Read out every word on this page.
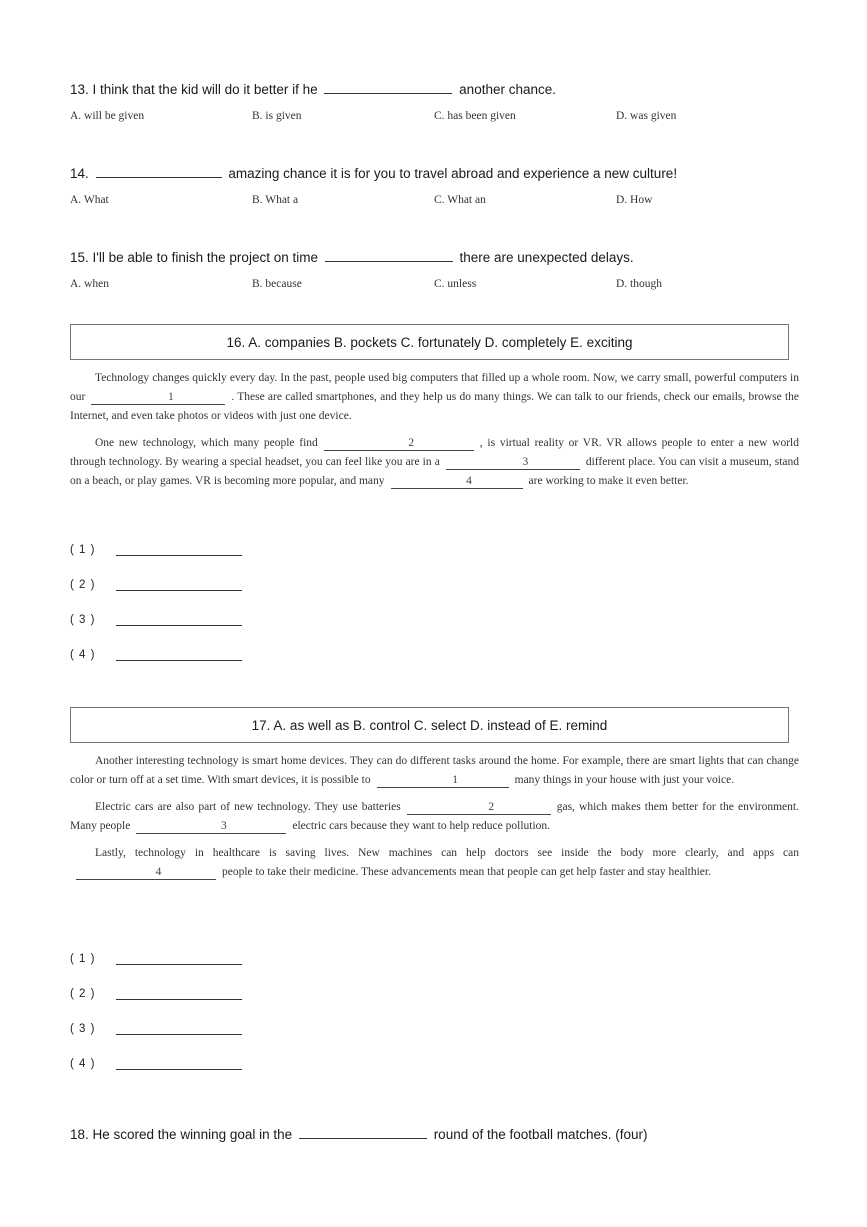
13. I think that the kid will do it better if he	another chance.
A. will be given	B. is given	C. has been given	D. was given
14.	amazing chance it is for you to travel abroad and experience a new culture!
A. What	B. What a	C. What an	D. How
15. I'll be able to finish the project on time	there are unexpected delays.
A. when	B. because	C. unless	D. though
16. A. companies B. pockets C. fortunately D. completely E. exciting

Technology changes quickly every day. In the past, people used big computers that filled up a whole room. Now, we carry small, powerful computers in our	1	. These are called smartphones, and they help us do many things. We can talk to our friends, check our emails, browse the Internet, and even take photos or videos with just one device.

One new technology, which many people find	2	, is virtual reality or VR. VR allows people to enter a new world through technology. By wearing a special headset, you can feel like you are in a	3	different place. You can visit a museum, stand on a beach, or play games. VR is becoming more popular, and many	4	are working to make it even better.

( 1 )
( 2 )
( 3 )
( 4 )
17. A. as well as B. control C. select D. instead of E. remind

Another interesting technology is smart home devices. They can do different tasks around the home. For example, there are smart lights that can change color or turn off at a set time. With smart devices, it is possible to	1	many things in your house with just your voice.

Electric cars are also part of new technology. They use batteries	2	gas, which makes them better for the environment. Many people	3	electric cars because they want to help reduce pollution.

Lastly, technology in healthcare is saving lives. New machines can help doctors see inside the body more clearly, and apps can4	people to take their medicine. These advancements mean that people can get help faster and stay healthier.

( 1 )
( 2 )
( 3 )
( 4 )
18. He scored the winning goal in the	round of the football matches. (four)
